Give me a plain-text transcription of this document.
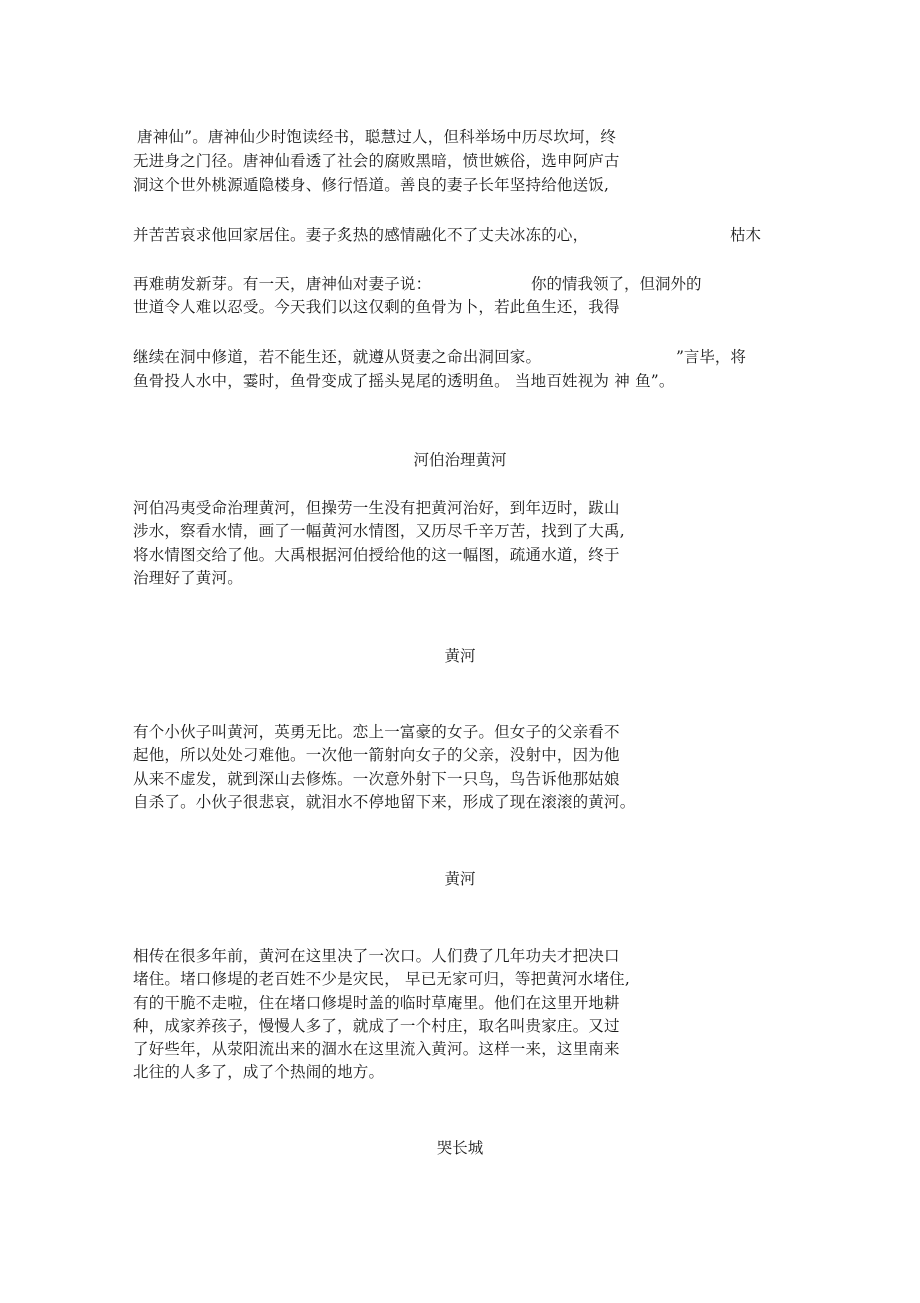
唐神仙”。唐神仙少时饱读经书，聪慧过人，但科举场中历尽坎坷，终
无进身之门径。唐神仙看透了社会的腐败黑暗，愤世嫉俗，选申阿庐古
洞这个世外桃源遁隐楼身、修行悟道。善良的妻子长年坚持给他送饭,
并苦苦哀求他回家居住。妻子炙热的感情融化不了丈夫冰冻的心，	枯木
再难萌发新芽。有一天，唐神仙对妻子说：	你的情我领了，但洞外的
世道令人难以忍受。今天我们以这仅剩的鱼骨为卜，若此鱼生还，我得
继续在洞中修道，若不能生还，就遵从贤妻之命出洞回家。	”言毕，将
鱼骨投人水中，霎时，鱼骨变成了摇头晃尾的透明鱼。 当地百姓视为 神 鱼”。
河伯治理黄河
河伯冯夷受命治理黄河，但操劳一生没有把黄河治好，到年迈时，跋山
涉水，察看水情，画了一幅黄河水情图，又历尽千辛万苦，找到了大禹,
将水情图交给了他。大禹根据河伯授给他的这一幅图，疏通水道，终于
治理好了黄河。
黄河
有个小伙子叫黄河，英勇无比。恋上一富豪的女子。但女子的父亲看不
起他，所以处处刁难他。一次他一箭射向女子的父亲，没射中，因为他
从来不虚发，就到深山去修炼。一次意外射下一只鸟，鸟告诉他那姑娘
自杀了。小伙子很悲哀，就泪水不停地留下来，形成了现在滚滚的黄河。
黄河
相传在很多年前，黄河在这里决了一次口。人们费了几年功夫才把决口
堵住。堵口修堤的老百姓不少是灾民， 早已无家可归，等把黄河水堵住,
有的干脆不走啦，住在堵口修堤时盖的临时草庵里。他们在这里开地耕
种，成家养孩子，慢慢人多了，就成了一个村庄，取名叫贵家庄。又过
了好些年，从荥阳流出来的涸水在这里流入黄河。这样一来，这里南来
北往的人多了，成了个热闹的地方。
哭长城
